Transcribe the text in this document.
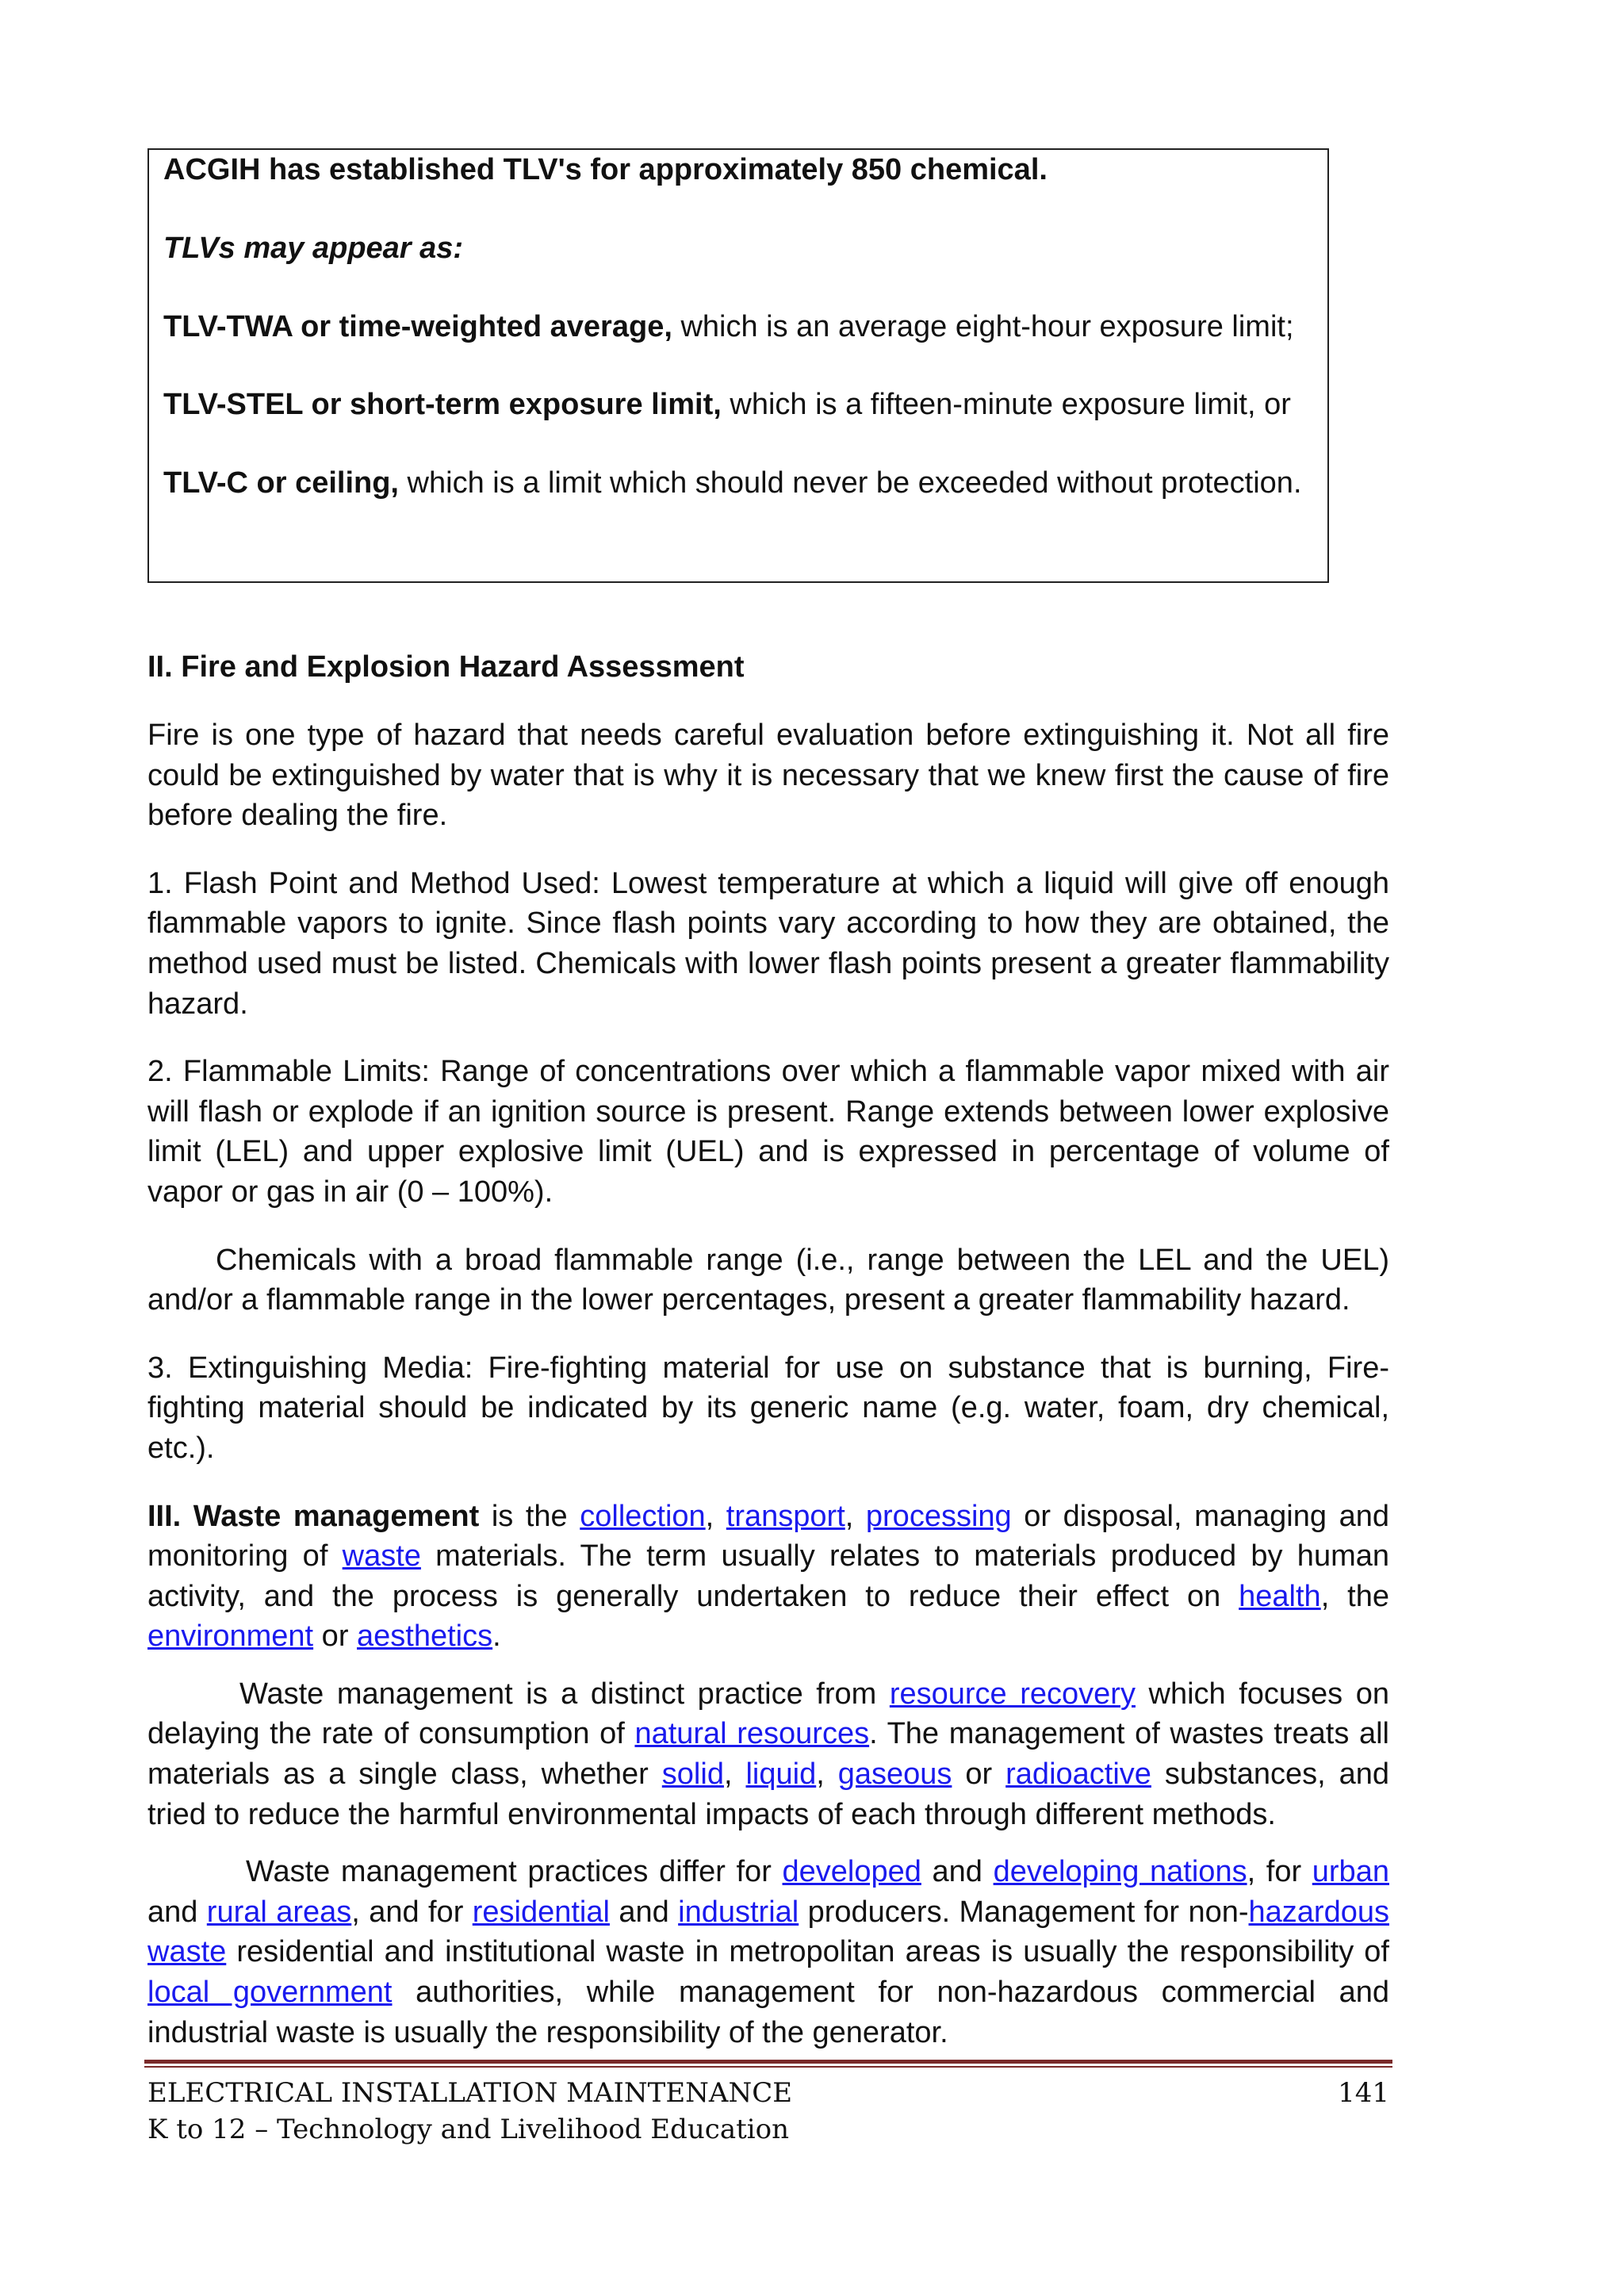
ACGIH has established TLV's for approximately 850 chemical.

TLVs may appear as:

TLV-TWA or time-weighted average, which is an average eight-hour exposure limit;

TLV-STEL or short-term exposure limit, which is a fifteen-minute exposure limit, or

TLV-C or ceiling, which is a limit which should never be exceeded without protection.

II. Fire and Explosion Hazard Assessment

Fire is one type of hazard that needs careful evaluation before extinguishing it. Not all fire could be extinguished by water that is why it is necessary that we knew first the cause of fire before dealing the fire.

1. Flash Point and Method Used: Lowest temperature at which a liquid will give off enough flammable vapors to ignite. Since flash points vary according to how they are obtained, the method used must be listed. Chemicals with lower flash points present a greater flammability hazard.

2. Flammable Limits: Range of concentrations over which a flammable vapor mixed with air will flash or explode if an ignition source is present. Range extends between lower explosive limit (LEL) and upper explosive limit (UEL) and is expressed in percentage of volume of vapor or gas in air (0 – 100%).

Chemicals with a broad flammable range (i.e., range between the LEL and the UEL) and/or a flammable range in the lower percentages, present a greater flammability hazard.

3. Extinguishing Media: Fire-fighting material for use on substance that is burning, Fire-fighting material should be indicated by its generic name (e.g. water, foam, dry chemical, etc.).

III. Waste management is the collection, transport, processing or disposal, managing and monitoring of waste materials. The term usually relates to materials produced by human activity, and the process is generally undertaken to reduce their effect on health, the environment or aesthetics.

Waste management is a distinct practice from resource recovery which focuses on delaying the rate of consumption of natural resources. The management of wastes treats all materials as a single class, whether solid, liquid, gaseous or radioactive substances, and tried to reduce the harmful environmental impacts of each through different methods.

Waste management practices differ for developed and developing nations, for urban and rural areas, and for residential and industrial producers. Management for non-hazardous waste residential and institutional waste in metropolitan areas is usually the responsibility of local government authorities, while management for non-hazardous commercial and industrial waste is usually the responsibility of the generator.

ELECTRICAL INSTALLATION MAINTENANCE
K to 12 – Technology and Livelihood Education
141
